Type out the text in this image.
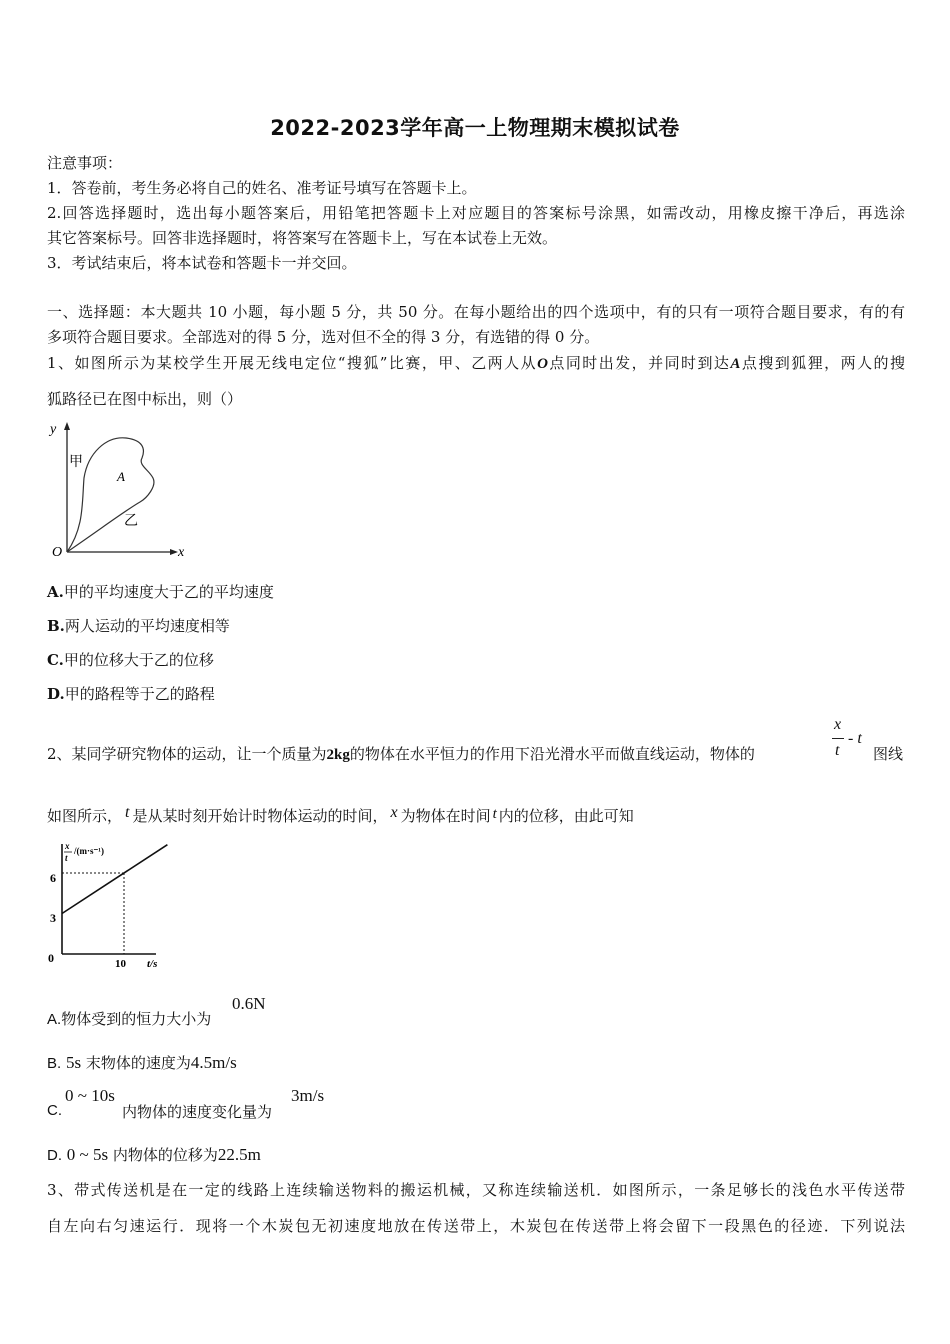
2022-2023学年高一上物理期末模拟试卷
注意事项：
1．答卷前，考生务必将自己的姓名、准考证号填写在答题卡上。
2.回答选择题时，选出每小题答案后，用铅笔把答题卡上对应题目的答案标号涂黑，如需改动，用橡皮擦干净后，再选涂
其它答案标号。回答非选择题时，将答案写在答题卡上，写在本试卷上无效。
3．考试结束后，将本试卷和答题卡一并交回。
一、选择题：本大题共 10 小题，每小题 5 分，共 50 分。在每小题给出的四个选项中，有的只有一项符合题目要求，有的有
多项符合题目要求。全部选对的得 5 分，选对但不全的得 3 分，有选错的得 0 分。
1、如图所示为某校学生开展无线电定位“搜狐”比赛，甲、乙两人从O点同时出发，并同时到达A点搜到狐狸，两人的搜
狐路径已在图中标出，则（）
y
x
O
A
甲
乙
A.甲的平均速度大于乙的平均速度
B.两人运动的平均速度相等
C.甲的位移大于乙的位移
D.甲的路程等于乙的路程
2、某同学研究物体的运动，让一个质量为2kg的物体在水平恒力的作用下沿光滑水平而做直线运动，物体的
x
t
- t
图线
如图所示， t 是从某时刻开始计时物体运动的时间， x 为物体在时间 t 内的位移，由此可知
x
t
/(m·s⁻¹)
t/s
0
6
3
10
A.物体受到的恒力大小为
0.6N
B. 5s 末物体的速度为4.5m/s
C.
0 ~ 10s
内物体的速度变化量为
3m/s
D. 0 ~ 5s 内物体的位移为22.5m
3、带式传送机是在一定的线路上连续输送物料的搬运机械，又称连续输送机．如图所示，一条足够长的浅色水平传送带
自左向右匀速运行．现将一个木炭包无初速度地放在传送带上，木炭包在传送带上将会留下一段黑色的径迹．下列说法
